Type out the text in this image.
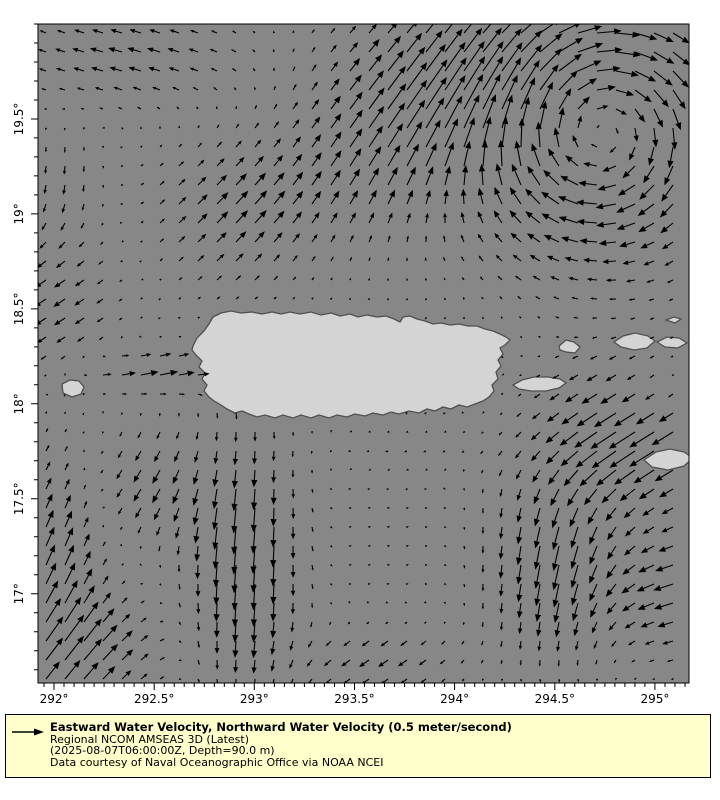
292°	292.5°	293°	293.5°	294°	294.5°	295°
17°
17.5°
18°
18.5°
19°
19.5°
Eastward Water Velocity, Northward Water Velocity (0.5 meter/second)
Regional NCOM AMSEAS 3D (Latest)
(2025-08-07T06:00:00Z, Depth=90.0 m)
Data courtesy of Naval Oceanographic Office via NOAA NCEI
